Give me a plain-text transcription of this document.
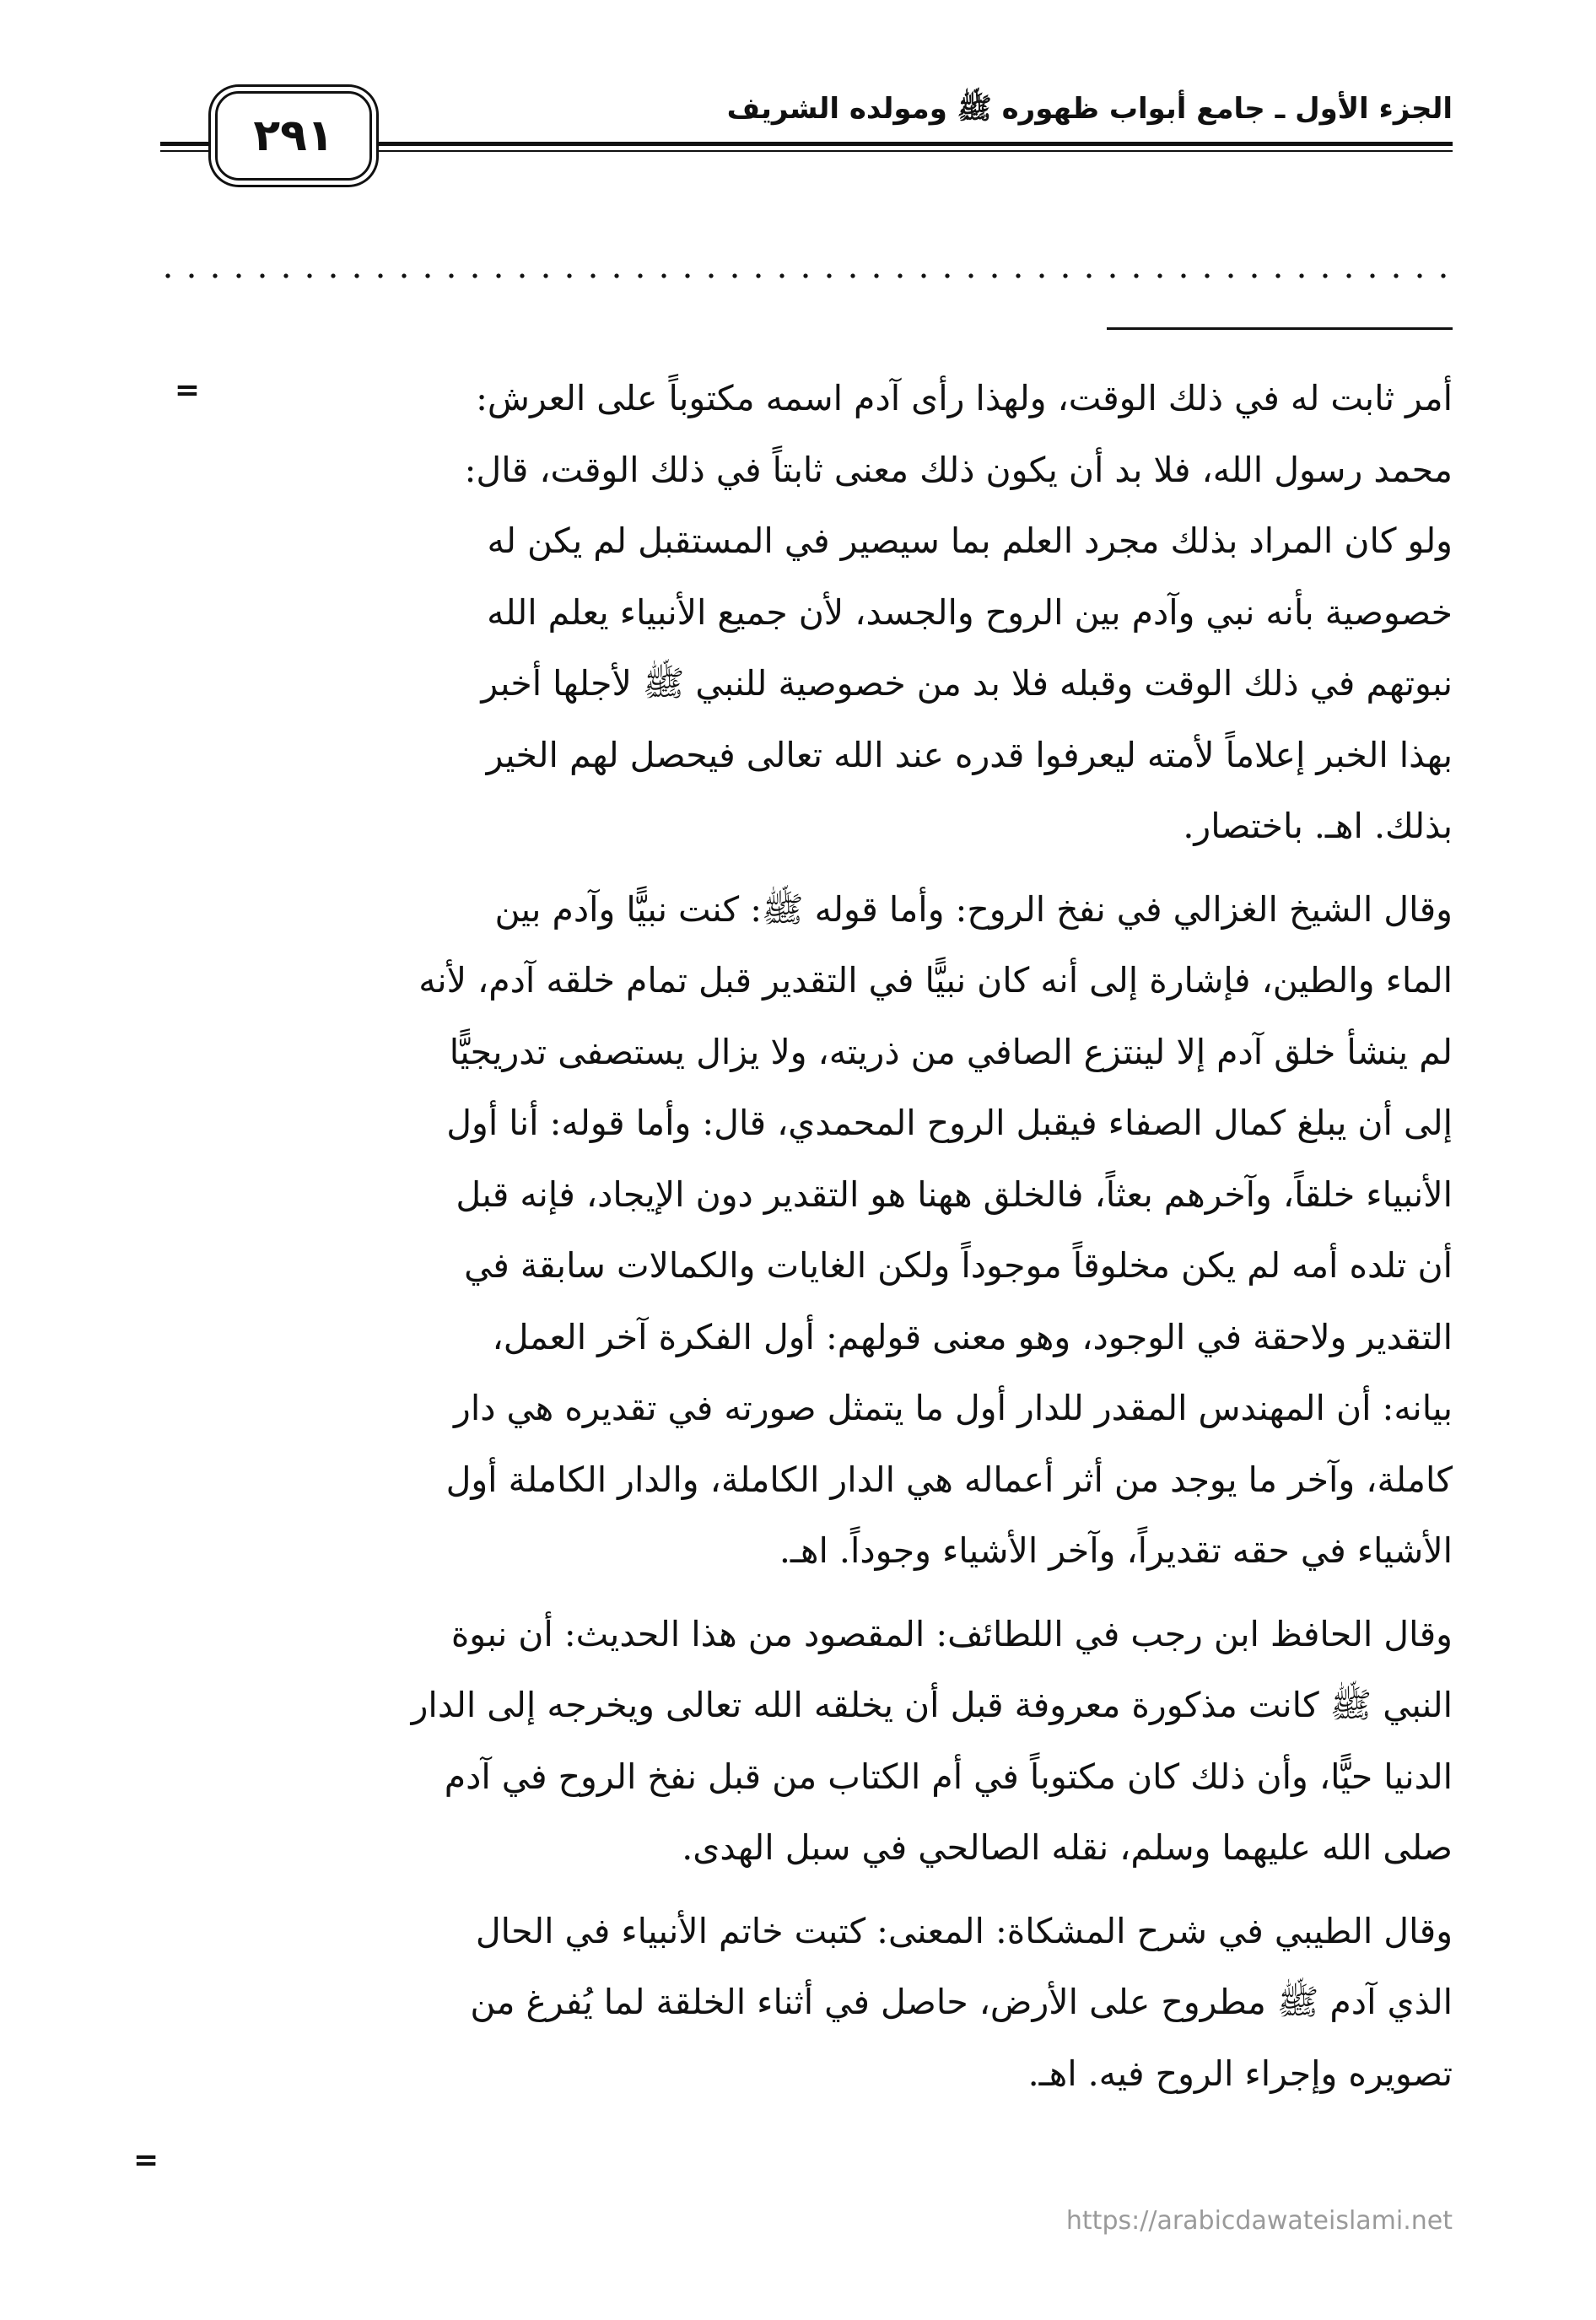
الجزء الأول ـ جامع أبواب ظهوره ﷺ ومولده الشريف
٢٩١
=	أمر ثابت له في ذلك الوقت، ولهذا رأى آدم اسمه مكتوباً على العرش:
محمد رسول الله، فلا بد أن يكون ذلك معنى ثابتاً في ذلك الوقت، قال:
ولو كان المراد بذلك مجرد العلم بما سيصير في المستقبل لم يكن له
خصوصية بأنه نبي وآدم بين الروح والجسد، لأن جميع الأنبياء يعلم الله
نبوتهم في ذلك الوقت وقبله فلا بد من خصوصية للنبي ﷺ لأجلها أخبر
بهذا الخبر إعلاماً لأمته ليعرفوا قدره عند الله تعالى فيحصل لهم الخير
بذلك. اهـ. باختصار.

وقال الشيخ الغزالي في نفخ الروح: وأما قوله ﷺ: كنت نبيًّا وآدم بين
الماء والطين، فإشارة إلى أنه كان نبيًّا في التقدير قبل تمام خلقه آدم، لأنه
لم ينشأ خلق آدم إلا لينتزع الصافي من ذريته، ولا يزال يستصفى تدريجيًّا
إلى أن يبلغ كمال الصفاء فيقبل الروح المحمدي، قال: وأما قوله: أنا أول
الأنبياء خلقاً، وآخرهم بعثاً، فالخلق ههنا هو التقدير دون الإيجاد، فإنه قبل
أن تلده أمه لم يكن مخلوقاً موجوداً ولكن الغايات والكمالات سابقة في
التقدير ولاحقة في الوجود، وهو معنى قولهم: أول الفكرة آخر العمل،
بيانه: أن المهندس المقدر للدار أول ما يتمثل صورته في تقديره هي دار
كاملة، وآخر ما يوجد من أثر أعماله هي الدار الكاملة، والدار الكاملة أول
الأشياء في حقه تقديراً، وآخر الأشياء وجوداً. اهـ.

وقال الحافظ ابن رجب في اللطائف: المقصود من هذا الحديث: أن نبوة
النبي ﷺ كانت مذكورة معروفة قبل أن يخلقه الله تعالى ويخرجه إلى الدار
الدنيا حيًّا، وأن ذلك كان مكتوباً في أم الكتاب من قبل نفخ الروح في آدم
صلى الله عليهما وسلم، نقله الصالحي في سبل الهدى.

وقال الطيبي في شرح المشكاة: المعنى: كتبت خاتم الأنبياء في الحال
الذي آدم ﷺ مطروح على الأرض، حاصل في أثناء الخلقة لما يُفرغ من
تصويره وإجراء الروح فيه. اهـ.

=
https://arabicdawateislami.net
